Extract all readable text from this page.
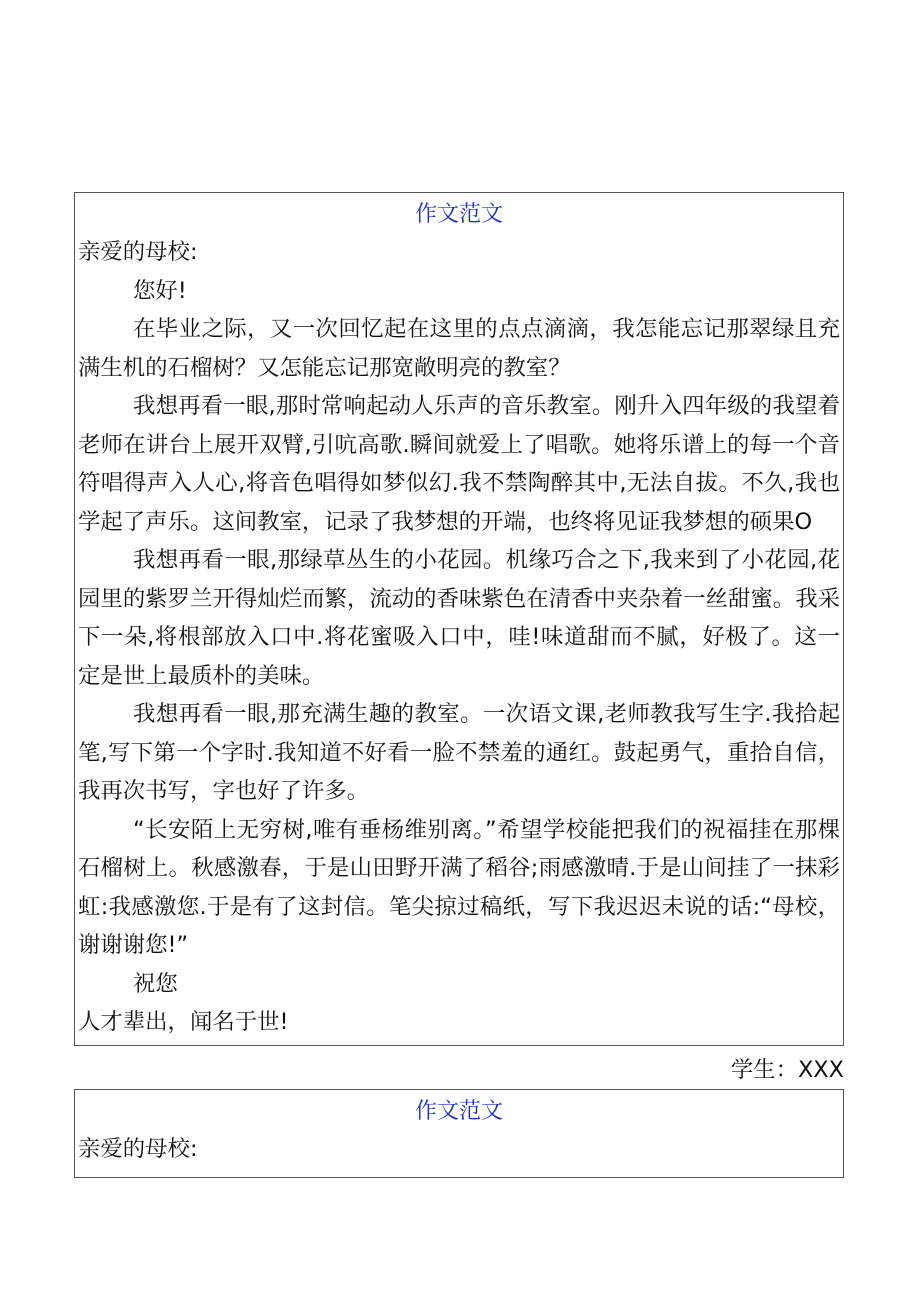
作文范文

亲爱的母校:

您好!

在毕业之际，又一次回忆起在这里的点点滴滴，我怎能忘记那翠绿且充满生机的石榴树？又怎能忘记那宽敞明亮的教室？

我想再看一眼,那时常响起动人乐声的音乐教室。刚升入四年级的我望着老师在讲台上展开双臂,引吭高歌.瞬间就爱上了唱歌。她将乐谱上的每一个音符唱得声入人心,将音色唱得如梦似幻.我不禁陶醉其中,无法自拔。不久,我也学起了声乐。这间教室，记录了我梦想的开端，也终将见证我梦想的硕果O

我想再看一眼,那绿草丛生的小花园。机缘巧合之下,我来到了小花园,花园里的紫罗兰开得灿烂而繁，流动的香味紫色在清香中夹杂着一丝甜蜜。我采下一朵,将根部放入口中.将花蜜吸入口中，哇!味道甜而不腻，好极了。这一定是世上最质朴的美味。

我想再看一眼,那充满生趣的教室。一次语文课,老师教我写生字.我拾起笔,写下第一个字时.我知道不好看一脸不禁羞的通红。鼓起勇气，重拾自信，我再次书写，字也好了许多。

“长安陌上无穷树,唯有垂杨维别离。”希望学校能把我们的祝福挂在那棵石榴树上。秋感激春，于是山田野开满了稻谷;雨感激晴.于是山间挂了一抹彩虹:我感激您.于是有了这封信。笔尖掠过稿纸，写下我迟迟未说的话:“母校，谢谢谢您!”

祝您

人才辈出，闻名于世!

学生：XXX
作文范文

亲爱的母校:
